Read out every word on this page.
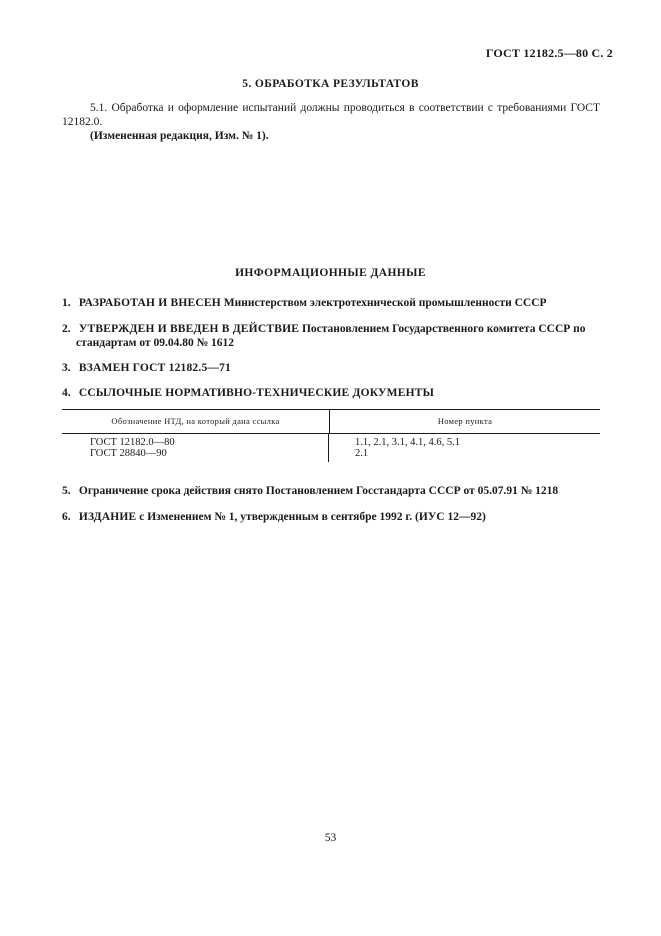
ГОСТ 12182.5—80 С. 2
5. ОБРАБОТКА РЕЗУЛЬТАТОВ
5.1. Обработка и оформление испытаний должны проводиться в соответствии с требованиями ГОСТ 12182.0.
(Измененная редакция, Изм. № 1).
ИНФОРМАЦИОННЫЕ ДАННЫЕ
1. РАЗРАБОТАН И ВНЕСЕН Министерством электротехнической промышленности СССР
2. УТВЕРЖДЕН И ВВЕДЕН В ДЕЙСТВИЕ Постановлением Государственного комитета СССР по
стандартам от 09.04.80 № 1612
3. ВЗАМЕН ГОСТ 12182.5—71
4. ССЫЛОЧНЫЕ НОРМАТИВНО-ТЕХНИЧЕСКИЕ ДОКУМЕНТЫ
Обозначение НТД, на который дана ссылка	Номер пункта
ГОСТ 12182.0—80
ГОСТ 28840—90
1.1, 2.1, 3.1, 4.1, 4.6, 5.1
2.1
5. Ограничение срока действия снято Постановлением Госстандарта СССР от 05.07.91 № 1218
6. ИЗДАНИЕ с Изменением № 1, утвержденным в сентябре 1992 г. (ИУС 12—92)
53
